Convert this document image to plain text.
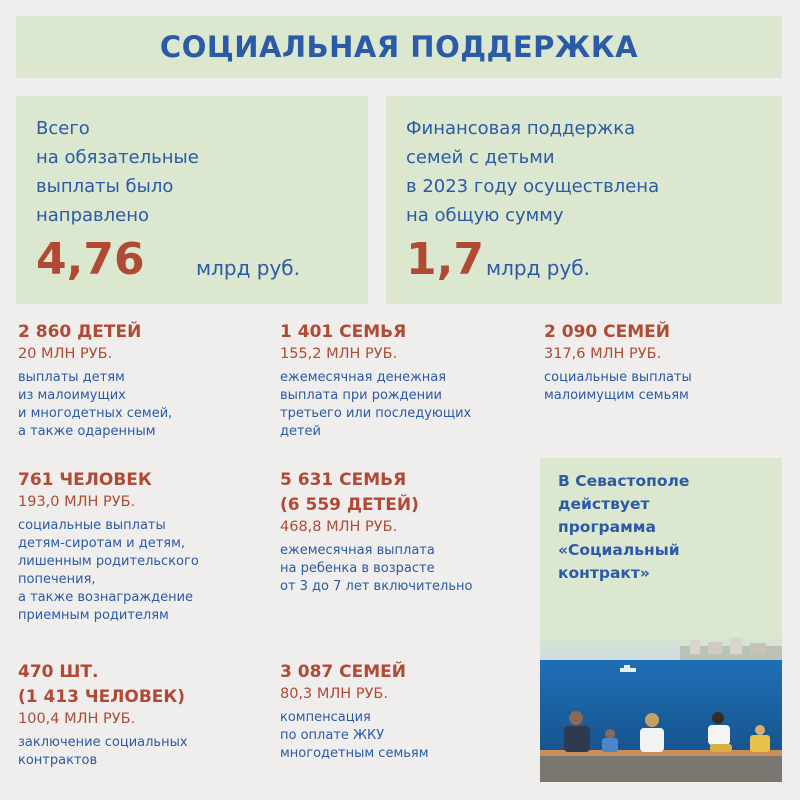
СОЦИАЛЬНАЯ ПОДДЕРЖКА
Всего
на обязательные
выплаты было
направлено
4,76	млрд руб.
Финансовая поддержка
семей с детьми
в 2023 году осуществлена
на общую сумму
1,7 млрд руб.
2 860 ДЕТЕЙ
20 МЛН РУБ.
выплаты детям
из малоимущих
и многодетных семей,
а также одаренным
1 401 СЕМЬЯ
155,2 МЛН РУБ.
ежемесячная денежная
выплата при рождении
третьего или последующих
детей
2 090 СЕМЕЙ
317,6 МЛН РУБ.
социальные выплаты
малоимущим семьям
761 ЧЕЛОВЕК
193,0 МЛН РУБ.
социальные выплаты
детям-сиротам и детям,
лишенным родительского
попечения,
а также вознаграждение
приемным родителям
5 631 СЕМЬЯ
(6 559 ДЕТЕЙ)
468,8 МЛН РУБ.
ежемесячная выплата
на ребенка в возрасте
от 3 до 7 лет включительно
470 ШТ.
(1 413 ЧЕЛОВЕК)
100,4 МЛН РУБ.
заключение социальных
контрактов
3 087 СЕМЕЙ
80,3 МЛН РУБ.
компенсация
по оплате ЖКУ
многодетным семьям
В Севастополе
действует
программа
«Социальный
контракт»
